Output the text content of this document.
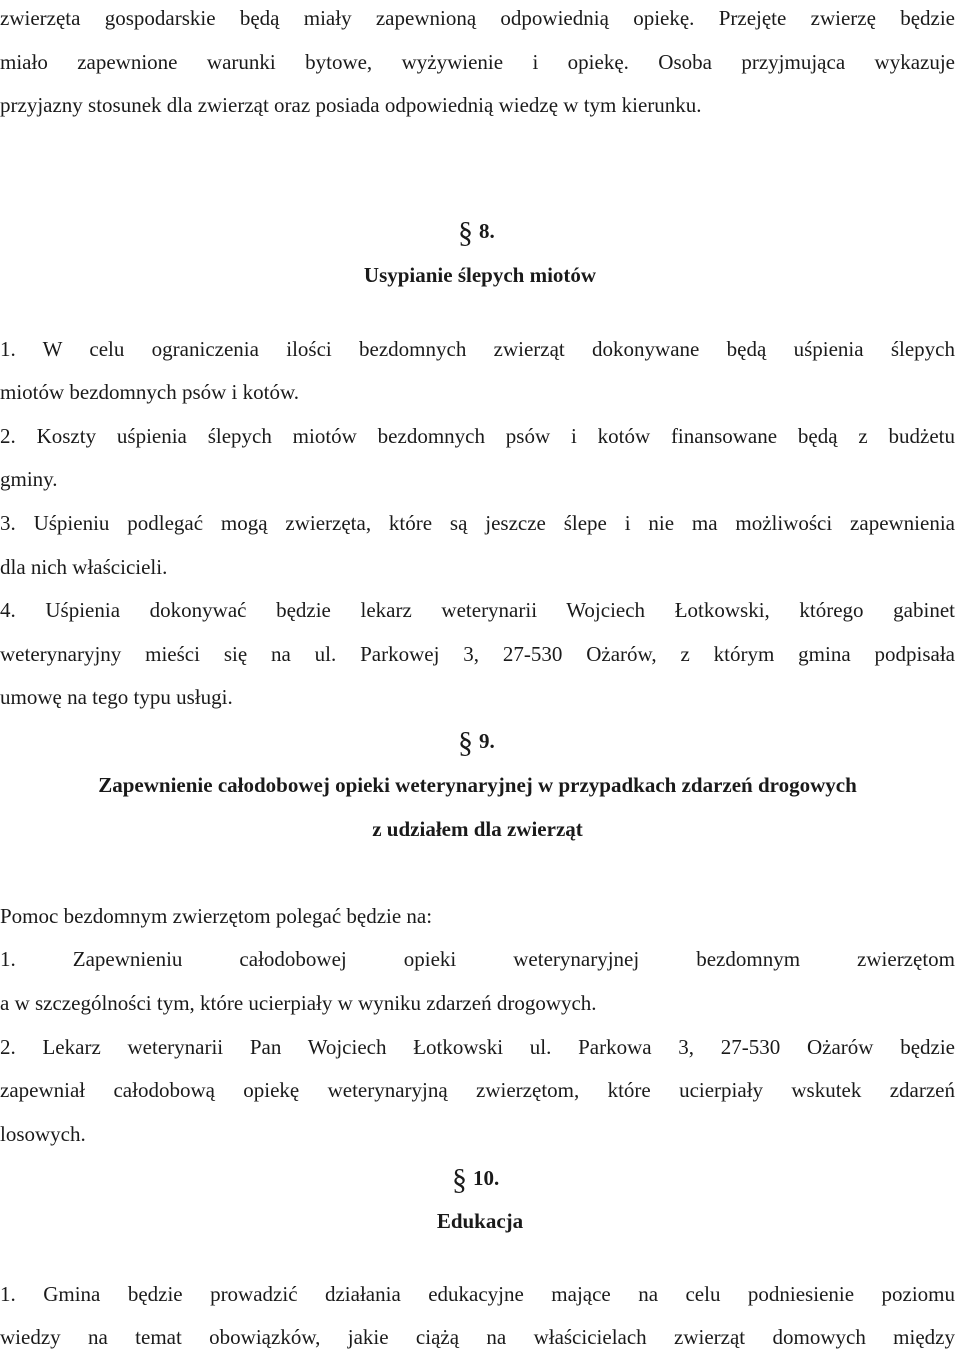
zwierzęta gospodarskie będą miały zapewnioną odpowiednią opiekę. Przejęte zwierzę będzie
miało zapewnione warunki bytowe, wyżywienie i opiekę. Osoba przyjmująca wykazuje
przyjazny stosunek dla zwierząt oraz posiada odpowiednią wiedzę w tym kierunku.
§ 8.
Usypianie ślepych miotów
1. W celu ograniczenia ilości bezdomnych zwierząt dokonywane będą uśpienia ślepych
miotów bezdomnych psów i kotów.
2. Koszty uśpienia ślepych miotów bezdomnych psów i kotów finansowane będą z budżetu
gminy.
3. Uśpieniu podlegać mogą zwierzęta, które są jeszcze ślepe i nie ma możliwości zapewnienia
dla nich właścicieli.
4. Uśpienia dokonywać będzie lekarz weterynarii Wojciech Łotkowski, którego gabinet
weterynaryjny mieści się na ul. Parkowej 3, 27-530 Ożarów, z którym gmina podpisała
umowę na tego typu usługi.
§ 9.
Zapewnienie całodobowej opieki weterynaryjnej w przypadkach zdarzeń drogowych
z udziałem dla zwierząt
Pomoc bezdomnym zwierzętom polegać będzie na:
1. Zapewnieniu całodobowej opieki weterynaryjnej bezdomnym zwierzętom
a w szczególności tym, które ucierpiały w wyniku zdarzeń drogowych.
2. Lekarz weterynarii Pan Wojciech Łotkowski ul. Parkowa 3, 27-530 Ożarów będzie
zapewniał całodobową opiekę weterynaryjną zwierzętom, które ucierpiały wskutek zdarzeń
losowych.
§ 10.
Edukacja
1. Gmina będzie prowadzić działania edukacyjne mające na celu podniesienie poziomu
wiedzy na temat obowiązków, jakie ciążą na właścicielach zwierząt domowych między
